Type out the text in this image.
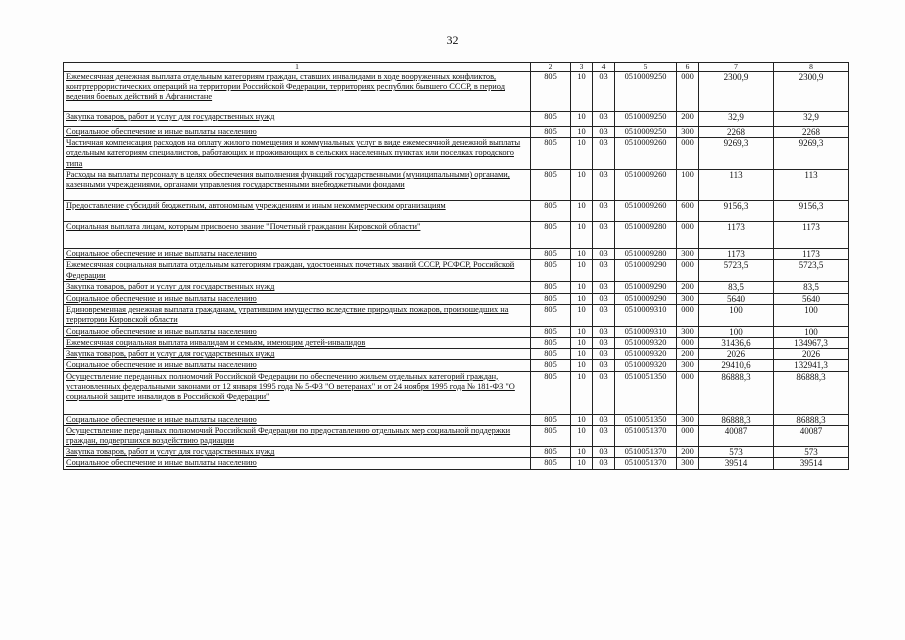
32
1	2	3	4	5	6	7	8
Ежемесячная денежная выплата отдельным категориям граждан, ставших инвалидами в ходе вооруженных конфликтов, контртеррористических операций на территории Российской Федерации, территориях республик бывшего СССР, в период ведения боевых действий в Афганистане	805	10	03	0510009250	000	2300,9	2300,9
Закупка товаров, работ и услуг для государственных нужд	805	10	03	0510009250	200	32,9	32,9
Социальное обеспечение и иные выплаты населению	805	10	03	0510009250	300	2268	2268
Частичная компенсация расходов на оплату жилого помещения и коммунальных услуг в виде ежемесячной денежной выплаты отдельным категориям специалистов, работающих и проживающих в сельских населенных пунктах или поселках городского типа	805	10	03	0510009260	000	9269,3	9269,3
Расходы на выплаты персоналу в целях обеспечения выполнения функций государственными (муниципальными) органами, казенными учреждениями, органами управления государственными внебюджетными фондами	805	10	03	0510009260	100	113	113
Предоставление субсидий бюджетным, автономным учреждениям и иным некоммерческим организациям	805	10	03	0510009260	600	9156,3	9156,3
Социальная выплата лицам, которым присвоено звание "Почетный гражданин Кировской области"	805	10	03	0510009280	000	1173	1173
Социальное обеспечение и иные выплаты населению	805	10	03	0510009280	300	1173	1173
Ежемесячная социальная выплата отдельным категориям граждан, удостоенных почетных званий СССР, РСФСР, Российской Федерации	805	10	03	0510009290	000	5723,5	5723,5
Закупка товаров, работ и услуг для государственных нужд	805	10	03	0510009290	200	83,5	83,5
Социальное обеспечение и иные выплаты населению	805	10	03	0510009290	300	5640	5640
Единовременная денежная выплата гражданам, утратившим имущество вследствие природных пожаров, произошедших на территории Кировской области	805	10	03	0510009310	000	100	100
Социальное обеспечение и иные выплаты населению	805	10	03	0510009310	300	100	100
Ежемесячная социальная выплата инвалидам и семьям, имеющим детей-инвалидов	805	10	03	0510009320	000	31436,6	134967,3
Закупка товаров, работ и услуг для государственных нужд	805	10	03	0510009320	200	2026	2026
Социальное обеспечение и иные выплаты населению	805	10	03	0510009320	300	29410,6	132941,3
Осуществление переданных полномочий Российской Федерации по обеспечению жильем отдельных категорий граждан, установленных федеральными законами от 12 января 1995 года № 5-ФЗ "О ветеранах" и от 24 ноября 1995 года № 181-ФЗ "О социальной защите инвалидов в Российской Федерации"	805	10	03	0510051350	000	86888,3	86888,3
Социальное обеспечение и иные выплаты населению	805	10	03	0510051350	300	86888,3	86888,3
Осуществление переданных полномочий Российской Федерации по предоставлению отдельных мер социальной поддержки граждан, подвергшихся воздействию радиации	805	10	03	0510051370	000	40087	40087
Закупка товаров, работ и услуг для государственных нужд	805	10	03	0510051370	200	573	573
Социальное обеспечение и иные выплаты населению	805	10	03	0510051370	300	39514	39514
